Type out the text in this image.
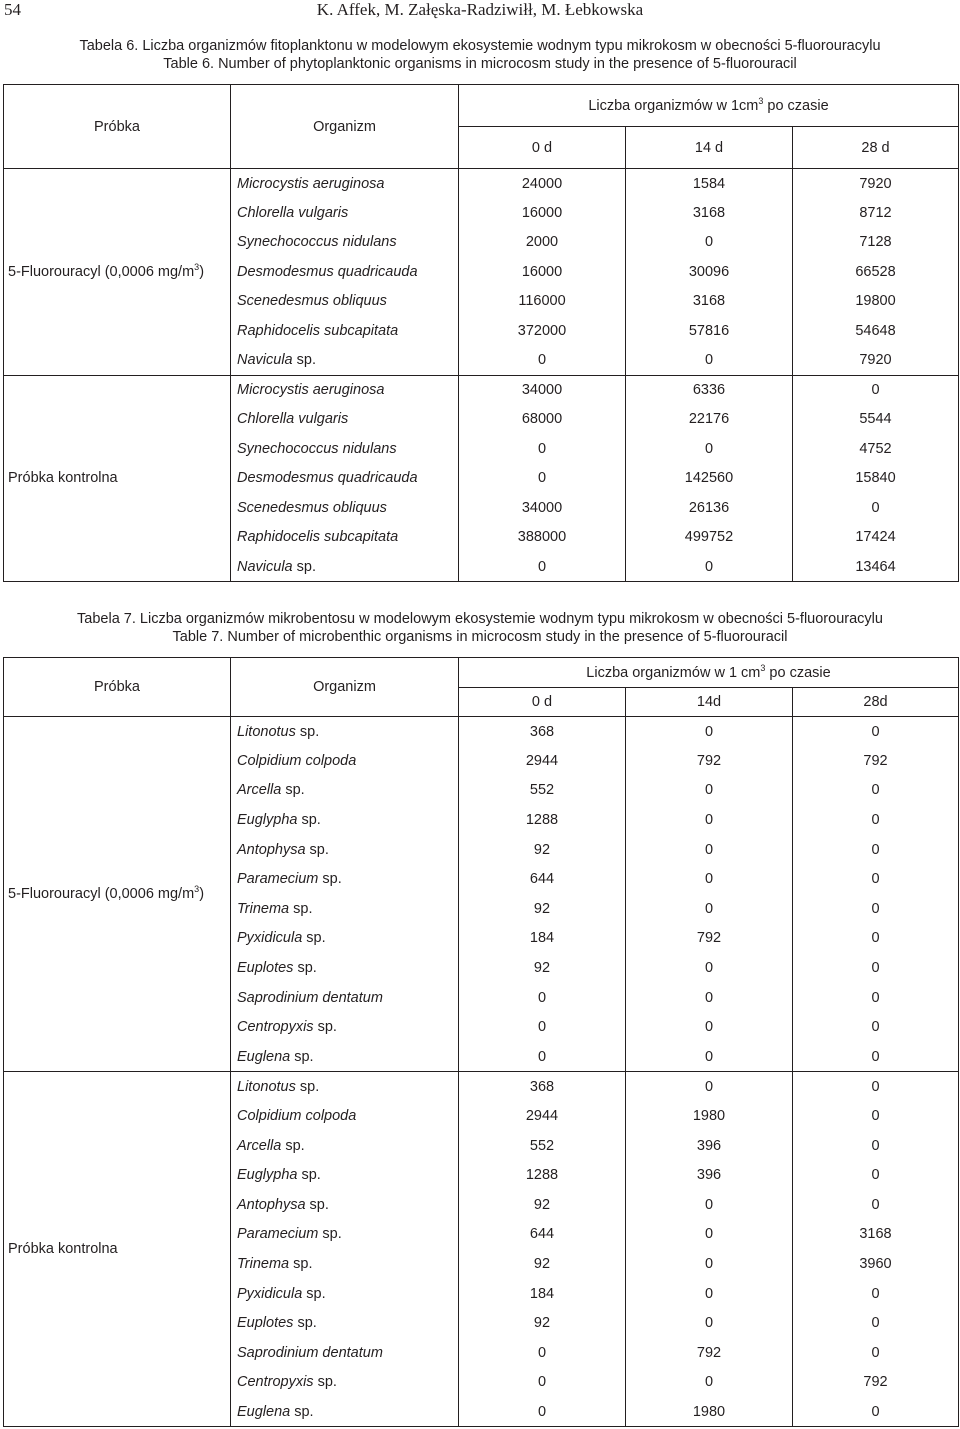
54	K. Affek, M. Załęska-Radziwiłł, M. Łebkowska
Tabela 6. Liczba organizmów fitoplanktonu w modelowym ekosystemie wodnym typu mikrokosm w obecności 5-fluorouracylu
Table 6. Number of phytoplanktonic organisms in microcosm study in the presence of 5-fluorouracil
Próbka	Organizm	Liczba organizmów w $1cm^3$ po czasie		
		0 d	14 d	28 d
5-Fluorouracyl (0,0006 $mg/m^3$)	Microcystis aeruginosa	24000	1584	7920
	Chlorella vulgaris	16000	3168	8712
	Synechococcus nidulans	2000	0	7128
	Desmodesmus quadricauda	16000	30096	66528
	Scenedesmus obliquus	116000	3168	19800
	Raphidocelis subcapitata	372000	57816	54648
	Navicula sp.	0	0	7920
Próbka kontrolna	Microcystis aeruginosa	34000	6336	0
	Chlorella vulgaris	68000	22176	5544
	Synechococcus nidulans	0	0	4752
	Desmodesmus quadricauda	0	142560	15840
	Scenedesmus obliquus	34000	26136	0
	Raphidocelis subcapitata	388000	499752	17424
	Navicula sp.	0	0	13464
Tabela 7. Liczba organizmów mikrobentosu w modelowym ekosystemie wodnym typu mikrokosm w obecności 5-fluorouracylu
Table 7. Number of microbenthic organisms in microcosm study in the presence of 5-fluorouracil
Próbka	Organizm	Liczba organizmów w 1 $cm^3$ po czasie		
		0 d	14d	28d
5-Fluorouracyl (0,0006 $mg/m^3$)	Litonotus sp.	368	0	0
	Colpidium colpoda	2944	792	792
	Arcella sp.	552	0	0
	Euglypha sp.	1288	0	0
	Antophysa sp.	92	0	0
	Paramecium sp.	644	0	0
	Trinema sp.	92	0	0
	Pyxidicula sp.	184	792	0
	Euplotes sp.	92	0	0
	Saprodinium dentatum	0	0	0
	Centropyxis sp.	0	0	0
	Euglena sp.	0	0	0
Próbka kontrolna	Litonotus sp.	368	0	0
	Colpidium colpoda	2944	1980	0
	Arcella sp.	552	396	0
	Euglypha sp.	1288	396	0
	Antophysa sp.	92	0	0
	Paramecium sp.	644	0	3168
	Trinema sp.	92	0	3960
	Pyxidicula sp.	184	0	0
	Euplotes sp.	92	0	0
	Saprodinium dentatum	0	792	0
	Centropyxis sp.	0	0	792
	Euglena sp.	0	1980	0
